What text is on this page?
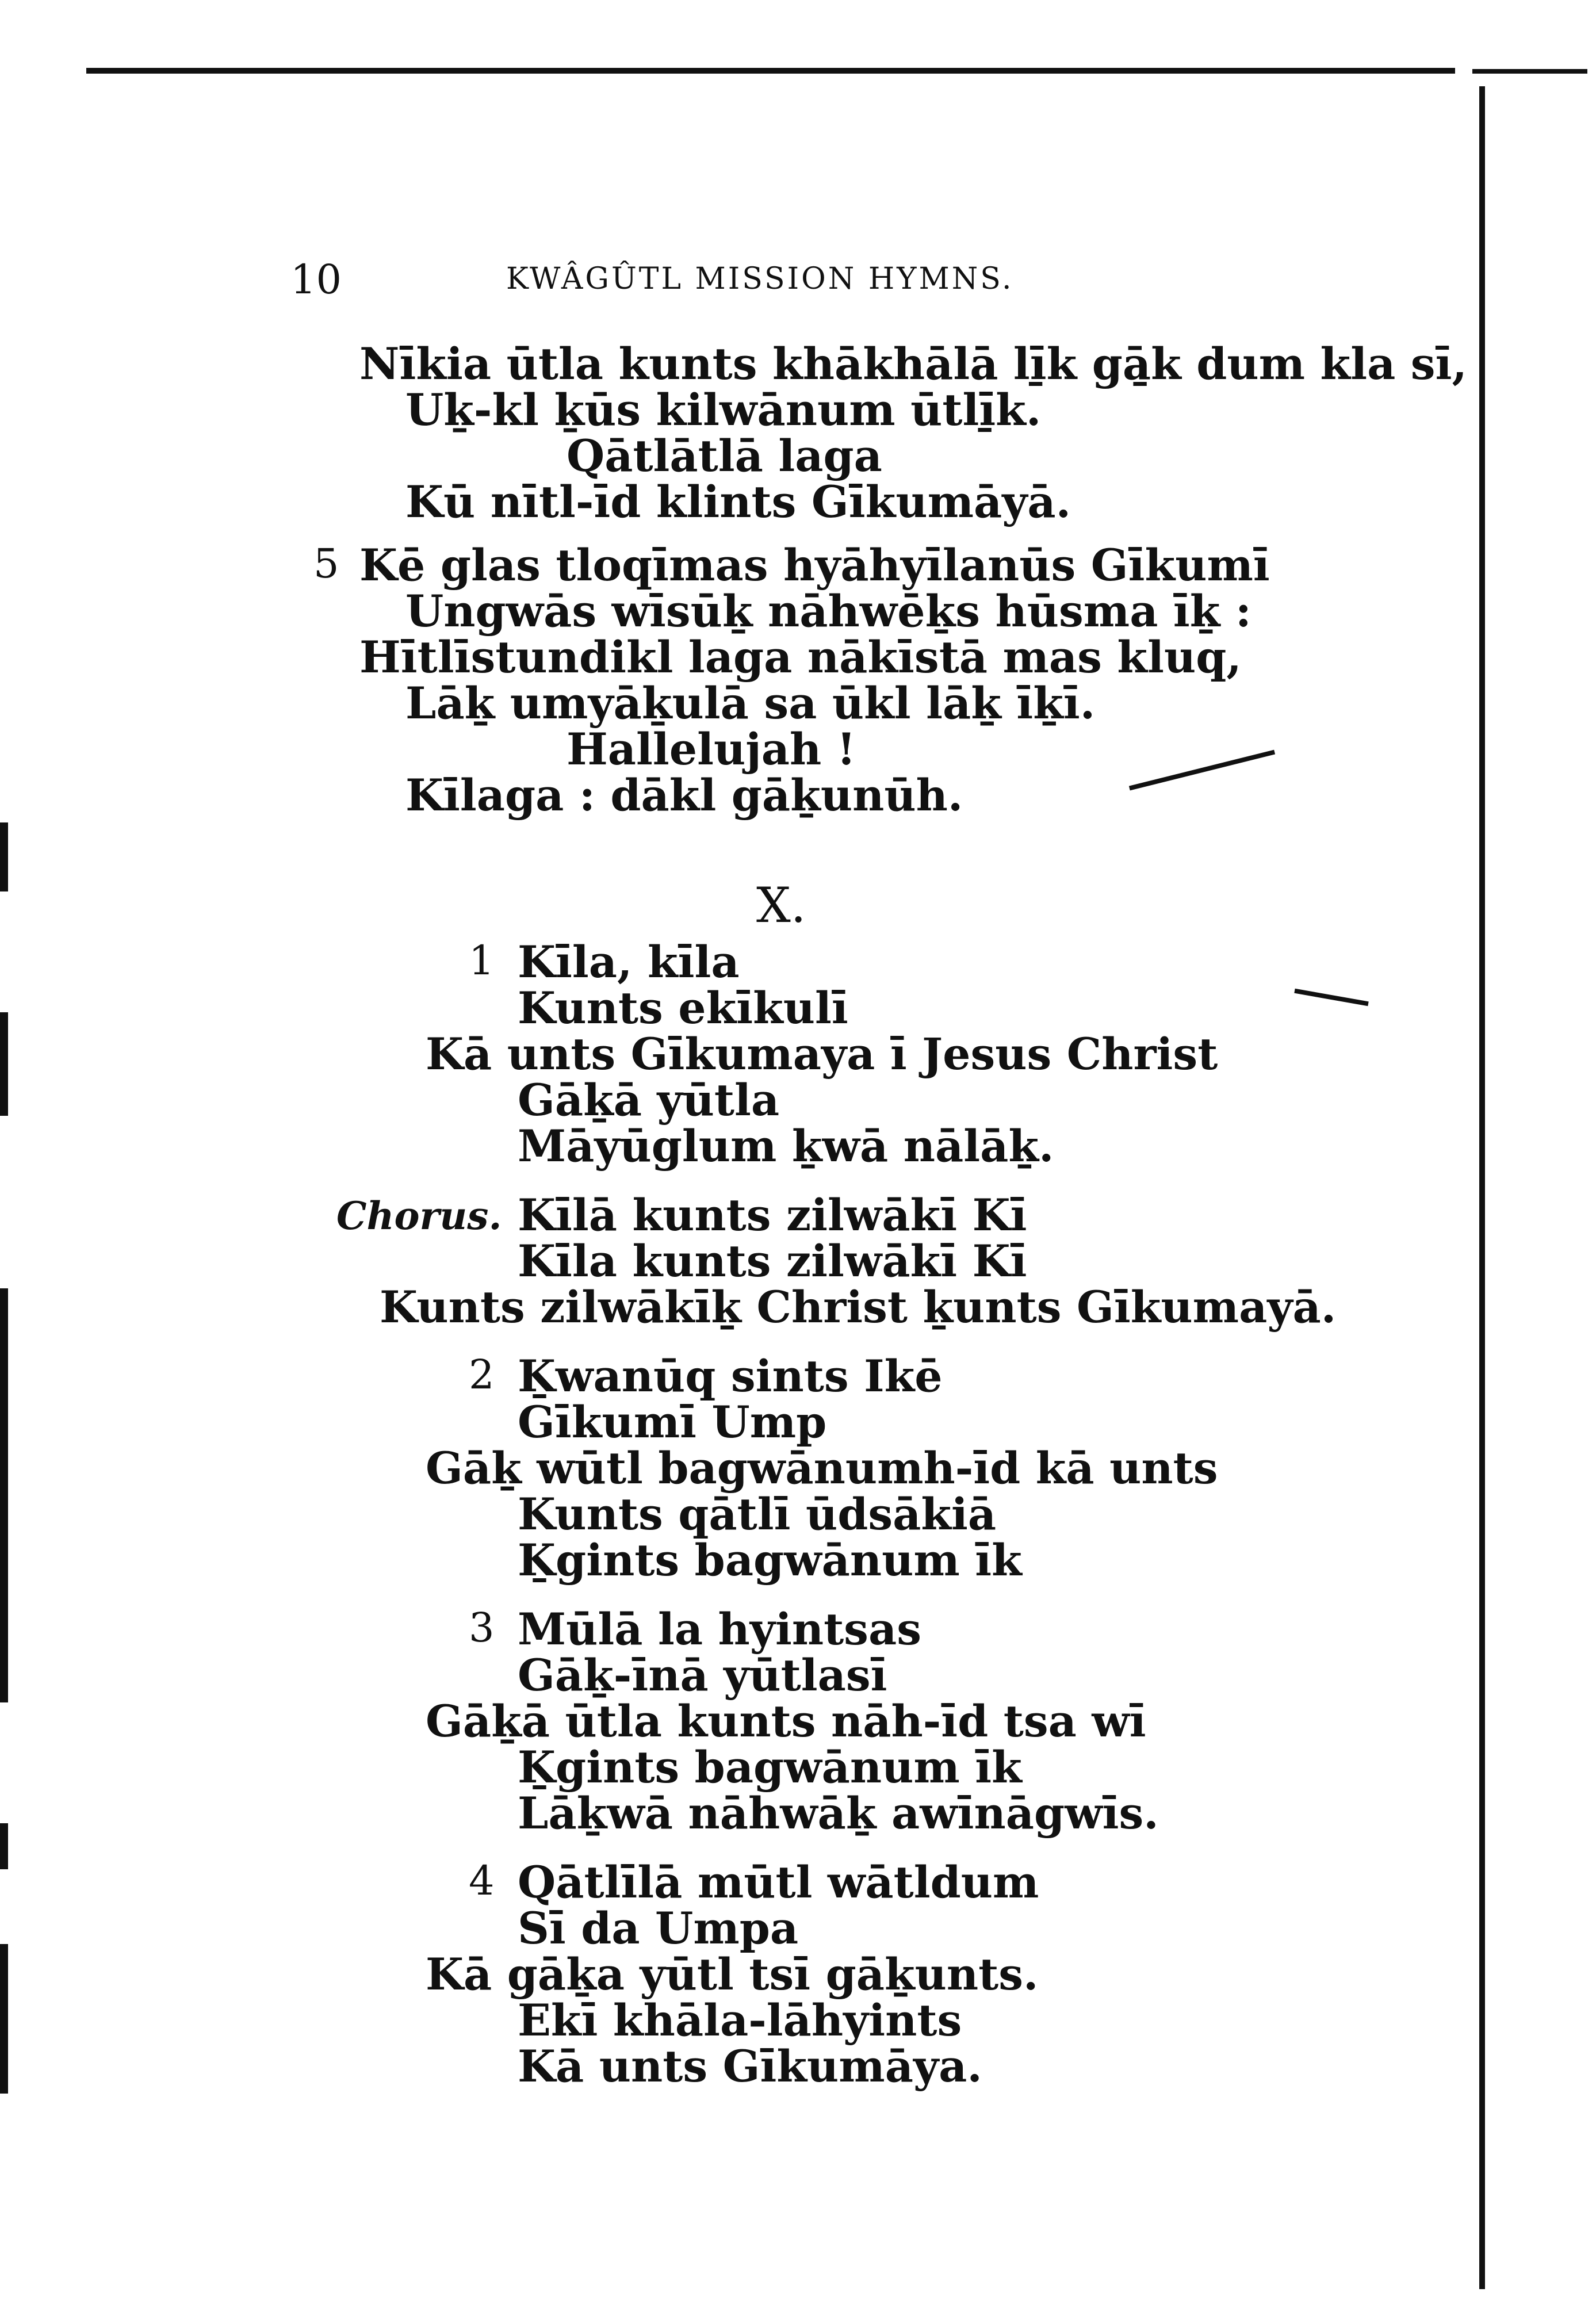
10	KWÂGÛTL MISSION HYMNS.
Nīkia ūtla kunts khākhālā lī̱k gā̱k dum kla sī,
Uḵ-kl ḵūs kilwānum ūtlī̱k.
Qātlātlā laga
Kū nītl-īd klints Gīkumāyā.
5 Kē glas tloqīmas hyāhyīlanūs Gīkumī
Ungwās wīsūḵ nāhwēḵs hūsma īḵ :
Hītlīstundikl laga nākīstā mas kluq,
Lāḵ umyāḵulā sa ūkl lāḵ īḵī.
Hallelujah !
Kīlaga : dākl gāḵunūh.
X.
1 Kīla, kīla
Kunts ekīkulī
Kā unts Gīkumaya ī Jesus Christ
Gāḵā yūtla
Māyūglum ḵwā nālāḵ.
Chorus. Kīlā kunts zilwākī Kī
Kīla kunts zilwākī Kī
Kunts zilwākīḵ Christ ḵunts Gīkumayā.
2 Ḵwanūq sints Ikē
Gīkumī Ump
Gāḵ wūtl bagwānumh-īd kā unts
Kunts qātlī ūdsākiā
Ḵgints bagwānum īk
3 Mūlā la hyintsas
Gāḵ-īnā yūtlasī
Gāḵā ūtla kunts nāh-īd tsa wī
Ḵgints bagwānum īk
Lāḵwā nāhwāḵ awīnāgwīs.
4 Qātlīlā mūtl wātldum
Sī da Umpa
Kā gāḵa yūtl tsī gāḵunts.
Ekī khāla-lāhyints
Kā unts Gīkumāya.
